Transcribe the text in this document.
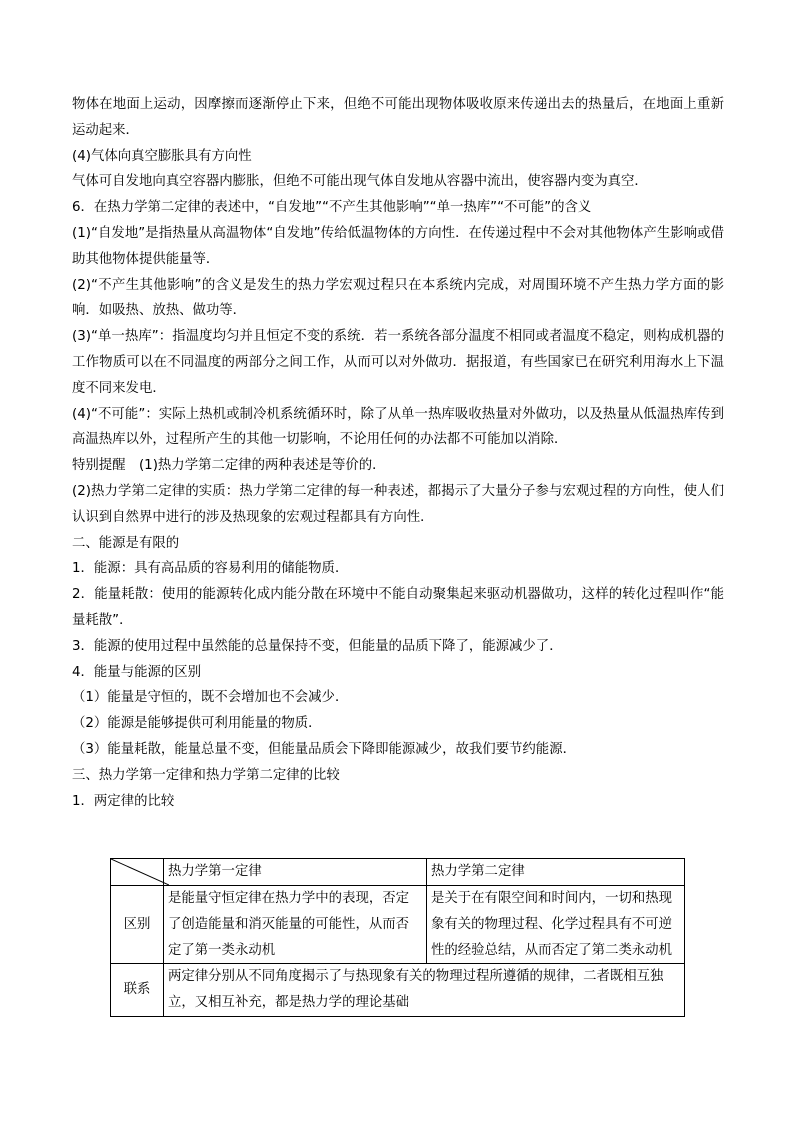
物体在地面上运动，因摩擦而逐渐停止下来，但绝不可能出现物体吸收原来传递出去的热量后，在地面上重新运动起来．

(4)气体向真空膨胀具有方向性

气体可自发地向真空容器内膨胀，但绝不可能出现气体自发地从容器中流出，使容器内变为真空．

6．在热力学第二定律的表述中，“自发地”“不产生其他影响”“单一热库”“不可能”的含义

(1)“自发地”是指热量从高温物体“自发地”传给低温物体的方向性．在传递过程中不会对其他物体产生影响或借助其他物体提供能量等．

(2)“不产生其他影响”的含义是发生的热力学宏观过程只在本系统内完成，对周围环境不产生热力学方面的影响．如吸热、放热、做功等．

(3)“单一热库”：指温度均匀并且恒定不变的系统．若一系统各部分温度不相同或者温度不稳定，则构成机器的工作物质可以在不同温度的两部分之间工作，从而可以对外做功．据报道，有些国家已在研究利用海水上下温度不同来发电．

(4)“不可能”：实际上热机或制冷机系统循环时，除了从单一热库吸收热量对外做功，以及热量从低温热库传到高温热库以外，过程所产生的其他一切影响，不论用任何的办法都不可能加以消除．

特别提醒　(1)热力学第二定律的两种表述是等价的．

(2)热力学第二定律的实质：热力学第二定律的每一种表述，都揭示了大量分子参与宏观过程的方向性，使人们认识到自然界中进行的涉及热现象的宏观过程都具有方向性．

二、能源是有限的

1．能源：具有高品质的容易利用的储能物质．

2．能量耗散：使用的能源转化成内能分散在环境中不能自动聚集起来驱动机器做功，这样的转化过程叫作“能量耗散”．

3．能源的使用过程中虽然能的总量保持不变，但能量的品质下降了，能源减少了．

4．能量与能源的区别

（1）能量是守恒的，既不会增加也不会减少．

（2）能源是能够提供可利用能量的物质．

（3）能量耗散，能量总量不变，但能量品质会下降即能源减少，故我们要节约能源．

三、热力学第一定律和热力学第二定律的比较

1．两定律的比较

	热力学第一定律	热力学第二定律
区别	是能量守恒定律在热力学中的表现，否定了创造能量和消灭能量的可能性，从而否定了第一类永动机	是关于在有限空间和时间内，一切和热现象有关的物理过程、化学过程具有不可逆性的经验总结，从而否定了第二类永动机
联系	两定律分别从不同角度揭示了与热现象有关的物理过程所遵循的规律，二者既相互独立，又相互补充，都是热力学的理论基础	
